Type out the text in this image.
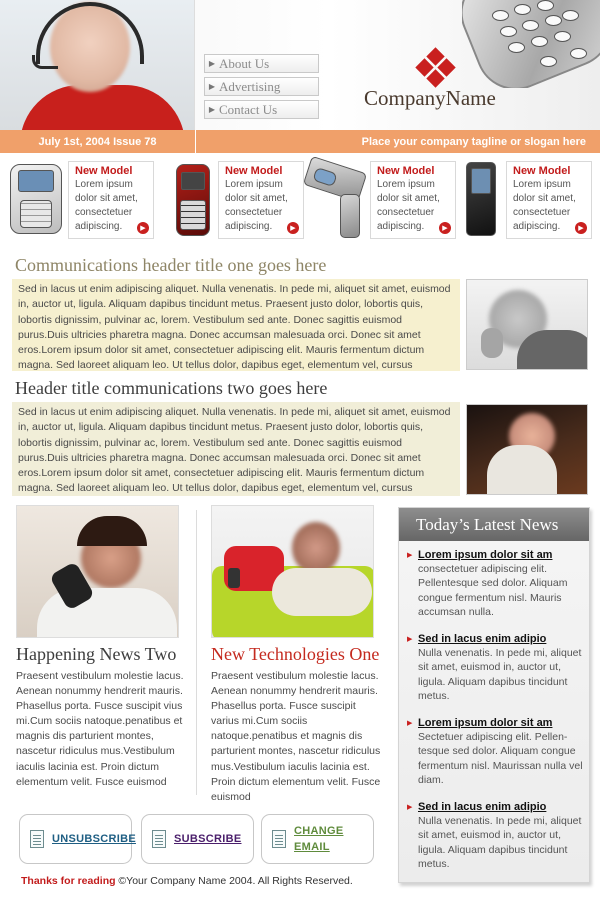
▶ About Us
▶ Advertising
▶ Contact Us	CompanyName
July 1st, 2004 Issue 78	Place your company tagline or slogan here
New Model
Lorem ipsum dolor sit amet, consectetuer adipiscing.	▶
New Model
Lorem ipsum dolor sit amet, consectetuer adipiscing.	▶
New Model
Lorem ipsum dolor sit amet, consectetuer adipiscing.	▶
New Model
Lorem ipsum dolor sit amet, consectetuer adipiscing.	▶
Communications header title one goes here
Sed in lacus ut enim adipiscing aliquet. Nulla venenatis. In pede mi, aliquet sit amet, euismod in, auctor ut, ligula. Aliquam dapibus tincidunt metus. Praesent justo dolor, lobortis quis, lobortis dignissim, pulvinar ac, lorem. Vestibulum sed ante. Donec sagittis euismod purus.Duis ultricies pharetra magna. Donec accumsan malesuada orci. Donec sit amet eros.Lorem ipsum dolor sit amet, consectetuer adipiscing elit. Mauris fermentum dictum magna. Sed laoreet aliquam leo. Ut tellus dolor, dapibus eget, elementum vel, cursus
Header title communications two goes here
Sed in lacus ut enim adipiscing aliquet. Nulla venenatis. In pede mi, aliquet sit amet, euismod in, auctor ut, ligula. Aliquam dapibus tincidunt metus. Praesent justo dolor, lobortis quis, lobortis dignissim, pulvinar ac, lorem. Vestibulum sed ante. Donec sagittis euismod purus.Duis ultricies pharetra magna. Donec accumsan malesuada orci. Donec sit amet eros.Lorem ipsum dolor sit amet, consectetuer adipiscing elit. Mauris fermentum dictum magna. Sed laoreet aliquam leo. Ut tellus dolor, dapibus eget, elementum vel, cursus
Happening News Two
Praesent vestibulum molestie lacus. Aenean nonummy hendrerit mauris. Phasellus porta. Fusce suscipit vius mi.Cum sociis natoque.penatibus et magnis dis parturient montes, nascetur ridiculus mus.Vestibulum iaculis lacinia est. Proin dictum elementum velit. Fusce euismod
New Technologies One
Praesent vestibulum molestie lacus. Aenean nonummy hendrerit mauris. Phasellus porta. Fusce suscipit varius mi.Cum sociis natoque.penatibus et magnis dis parturient montes, nascetur ridiculus mus.Vestibulum iaculis lacinia est. Proin dictum elementum velit. Fusce euismod
Today’s Latest News
▶ Lorem ipsum dolor sit am
consectetuer adipiscing elit. Pellentesque sed dolor. Aliquam congue fermentum nisl. Mauris accumsan nulla.
▶ Sed in lacus enim adipio
Nulla venenatis. In pede mi, aliquet sit amet, euismod in, auctor ut, ligula. Aliquam dapibus tincidunt metus.
▶ Lorem ipsum dolor sit am
Sectetuer adipiscing elit. Pellen-tesque sed dolor. Aliquam congue fermentum nisl. Maurissan nulla vel diam.
▶ Sed in lacus enim adipio
Nulla venenatis. In pede mi, aliquet sit amet, euismod in, auctor ut, ligula. Aliquam dapibus tincidunt metus.
UNSUBSCRIBE	SUBSCRIBE
CHANGE
EMAIL
Thanks for reading ©Your Company Name 2004. All Rights Reserved.
